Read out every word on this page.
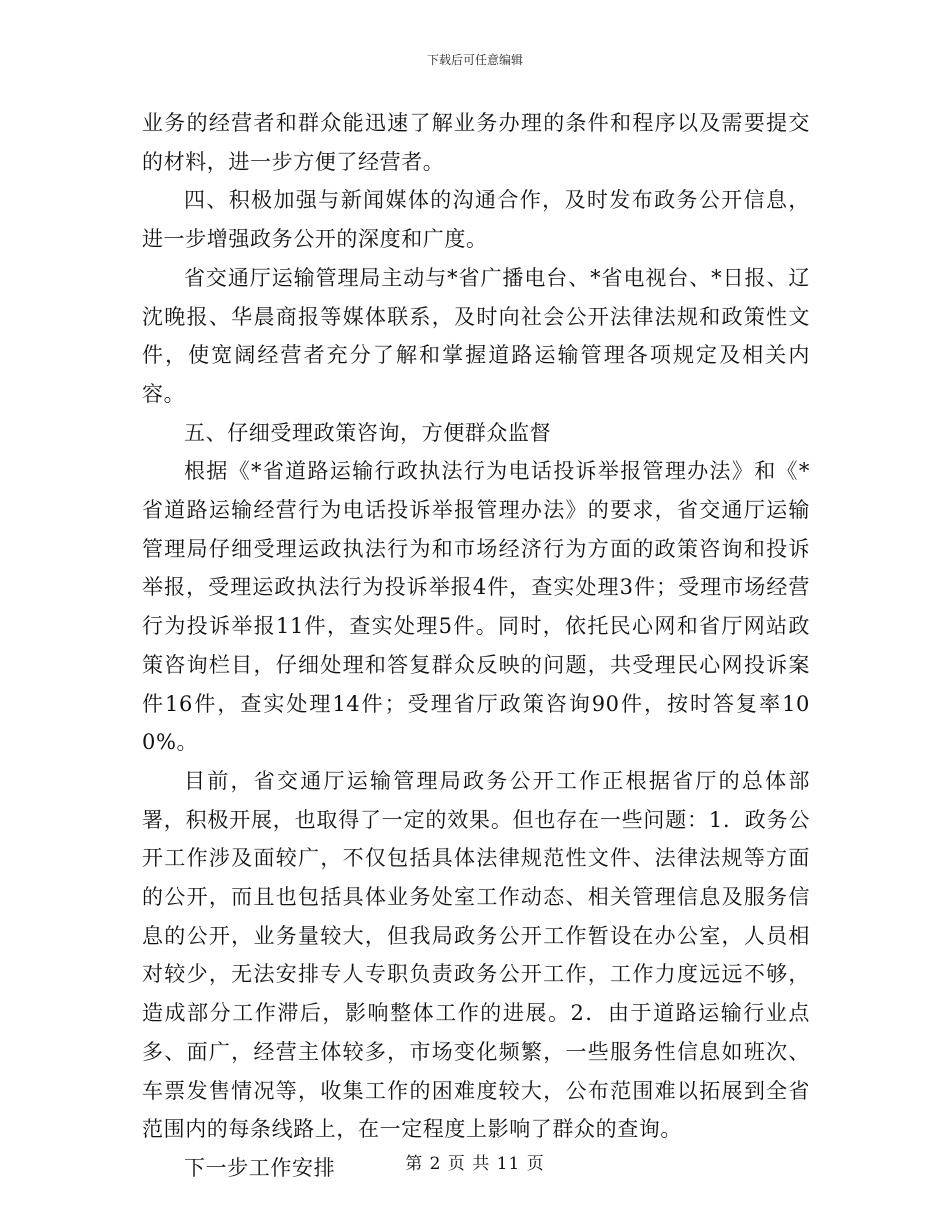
下载后可任意编辑

业务的经营者和群众能迅速了解业务办理的条件和程序以及需要提交的材料，进一步方便了经营者。

四、积极加强与新闻媒体的沟通合作，及时发布政务公开信息，进一步增强政务公开的深度和广度。

省交通厅运输管理局主动与*省广播电台、*省电视台、*日报、辽沈晚报、华晨商报等媒体联系，及时向社会公开法律法规和政策性文件，使宽阔经营者充分了解和掌握道路运输管理各项规定及相关内容。

五、仔细受理政策咨询，方便群众监督

根据《*省道路运输行政执法行为电话投诉举报管理办法》和《*省道路运输经营行为电话投诉举报管理办法》的要求，省交通厅运输管理局仔细受理运政执法行为和市场经济行为方面的政策咨询和投诉举报，受理运政执法行为投诉举报4件，查实处理3件；受理市场经营行为投诉举报11件，查实处理5件。同时，依托民心网和省厅网站政策咨询栏目，仔细处理和答复群众反映的问题，共受理民心网投诉案件16件，查实处理14件；受理省厅政策咨询90件，按时答复率100%。

目前，省交通厅运输管理局政务公开工作正根据省厅的总体部署，积极开展，也取得了一定的效果。但也存在一些问题：1．政务公开工作涉及面较广，不仅包括具体法律规范性文件、法律法规等方面的公开，而且也包括具体业务处室工作动态、相关管理信息及服务信息的公开，业务量较大，但我局政务公开工作暂设在办公室，人员相对较少，无法安排专人专职负责政务公开工作，工作力度远远不够，造成部分工作滞后，影响整体工作的进展。2．由于道路运输行业点多、面广，经营主体较多，市场变化频繁，一些服务性信息如班次、车票发售情况等，收集工作的困难度较大，公布范围难以拓展到全省范围内的每条线路上，在一定程度上影响了群众的查询。

下一步工作安排	第 2 页 共 11 页
